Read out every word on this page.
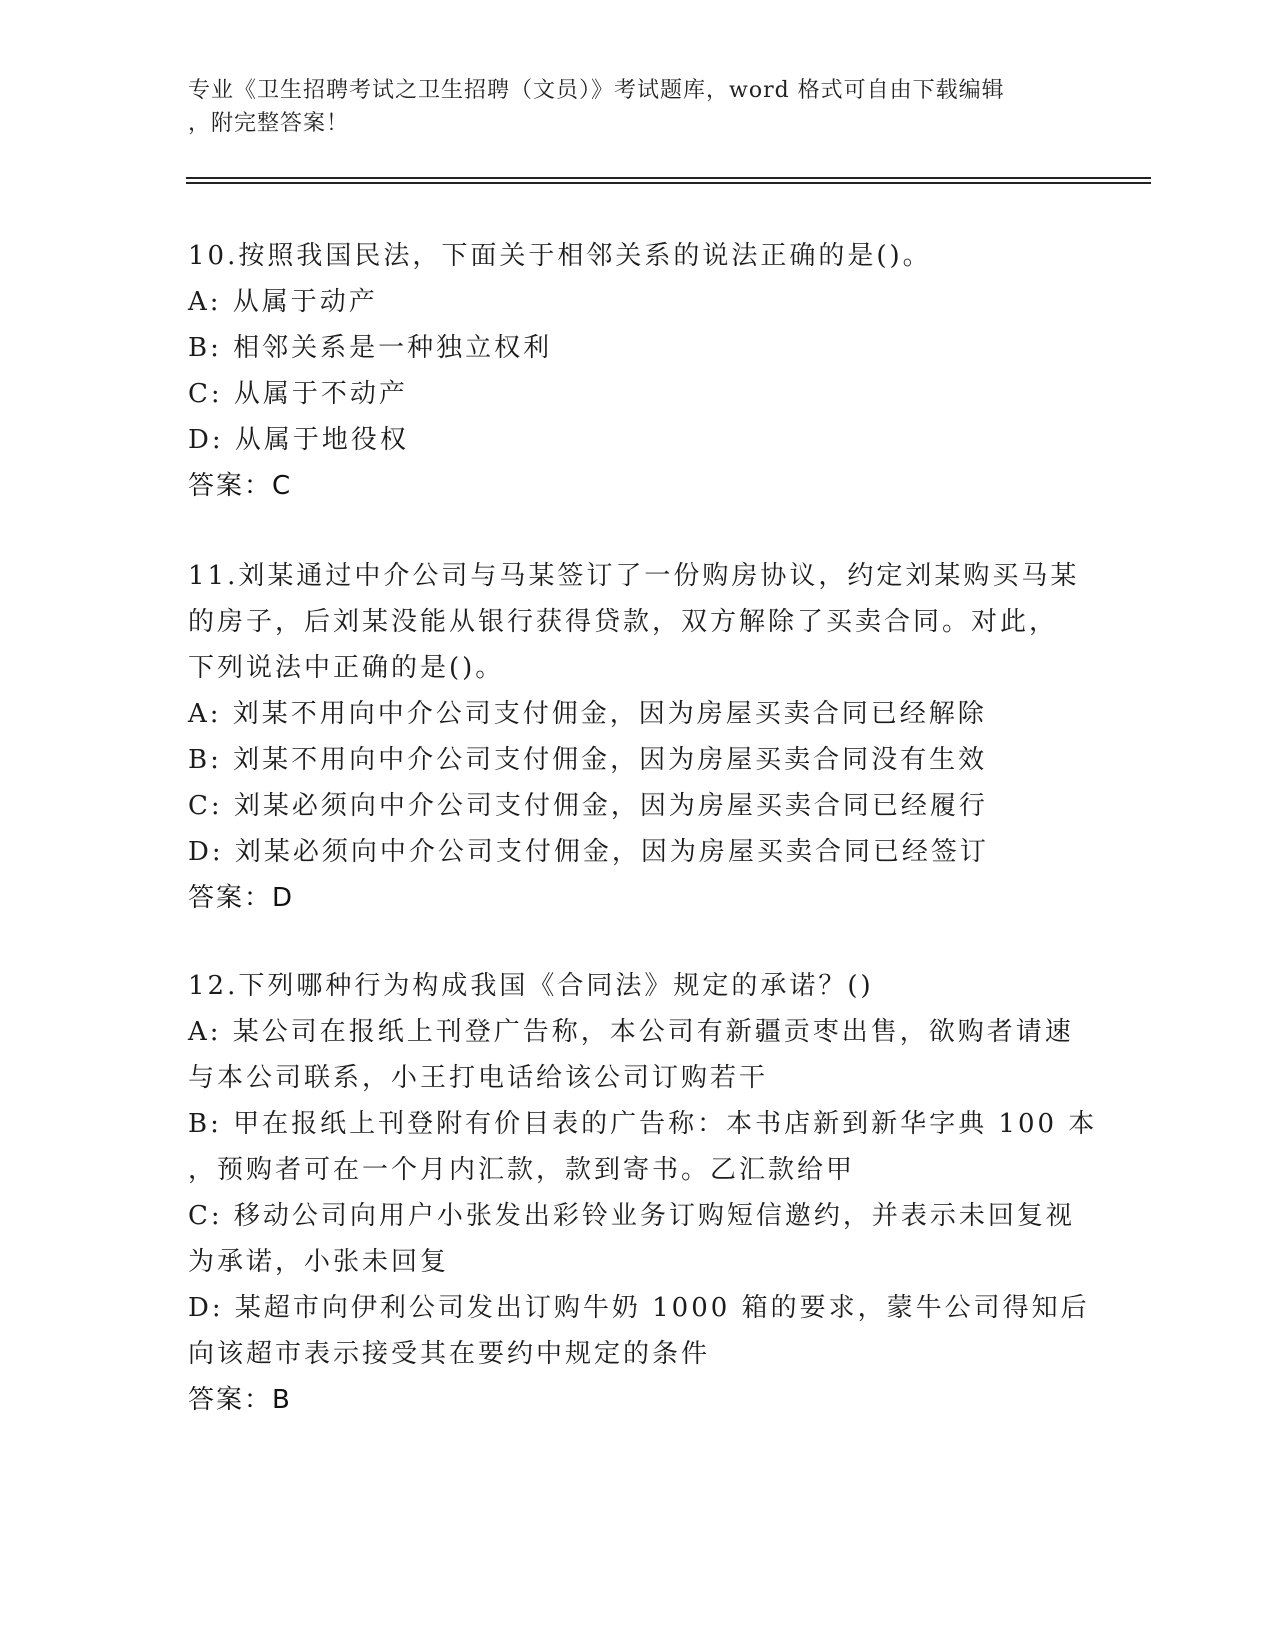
专业《卫生招聘考试之卫生招聘（文员）》考试题库，word 格式可自由下载编辑
，附完整答案！
10.按照我国民法，下面关于相邻关系的说法正确的是()。
A: 从属于动产
B: 相邻关系是一种独立权利
C: 从属于不动产
D: 从属于地役权
答案：C
11.刘某通过中介公司与马某签订了一份购房协议，约定刘某购买马某
的房子，后刘某没能从银行获得贷款，双方解除了买卖合同。对此，
下列说法中正确的是()。
A: 刘某不用向中介公司支付佣金，因为房屋买卖合同已经解除
B: 刘某不用向中介公司支付佣金，因为房屋买卖合同没有生效
C: 刘某必须向中介公司支付佣金，因为房屋买卖合同已经履行
D: 刘某必须向中介公司支付佣金，因为房屋买卖合同已经签订
答案：D
12.下列哪种行为构成我国《合同法》规定的承诺？()
A: 某公司在报纸上刊登广告称，本公司有新疆贡枣出售，欲购者请速
与本公司联系，小王打电话给该公司订购若干
B: 甲在报纸上刊登附有价目表的广告称：本书店新到新华字典 100 本
，预购者可在一个月内汇款，款到寄书。乙汇款给甲
C: 移动公司向用户小张发出彩铃业务订购短信邀约，并表示未回复视
为承诺，小张未回复
D: 某超市向伊利公司发出订购牛奶 1000 箱的要求，蒙牛公司得知后
向该超市表示接受其在要约中规定的条件
答案：B
